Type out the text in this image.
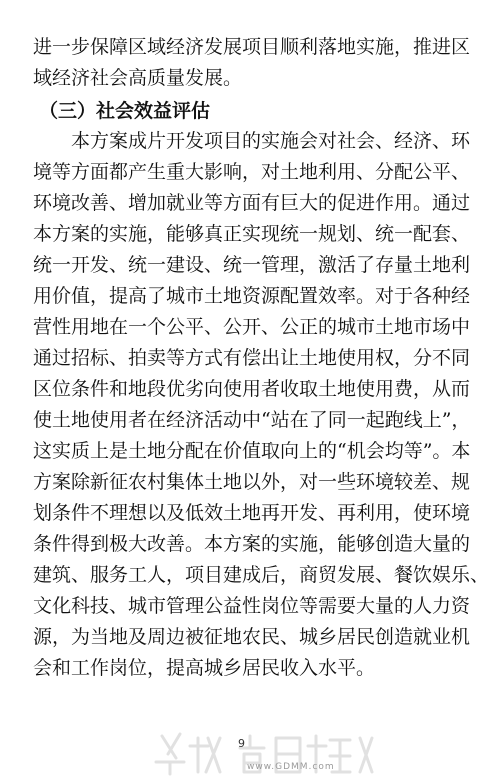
进一步保障区域经济发展项目顺利落地实施，推进区
域经济社会高质量发展。
（三）社会效益评估
本方案成片开发项目的实施会对社会、经济、环
境等方面都产生重大影响，对土地利用、分配公平、
环境改善、增加就业等方面有巨大的促进作用。通过
本方案的实施，能够真正实现统一规划、统一配套、
统一开发、统一建设、统一管理，激活了存量土地利
用价值，提高了城市土地资源配置效率。对于各种经
营性用地在一个公平、公开、公正的城市土地市场中
通过招标、拍卖等方式有偿出让土地使用权，分不同
区位条件和地段优劣向使用者收取土地使用费，从而
使土地使用者在经济活动中“站在了同一起跑线上”，
这实质上是土地分配在价值取向上的“机会均等”。本
方案除新征农村集体土地以外，对一些环境较差、规
划条件不理想以及低效土地再开发、再利用，使环境
条件得到极大改善。本方案的实施，能够创造大量的
建筑、服务工人，项目建成后，商贸发展、餐饮娱乐、
文化科技、城市管理公益性岗位等需要大量的人力资
源，为当地及周边被征地农民、城乡居民创造就业机
会和工作岗位，提高城乡居民收入水平。
9
www.GDMM.com
